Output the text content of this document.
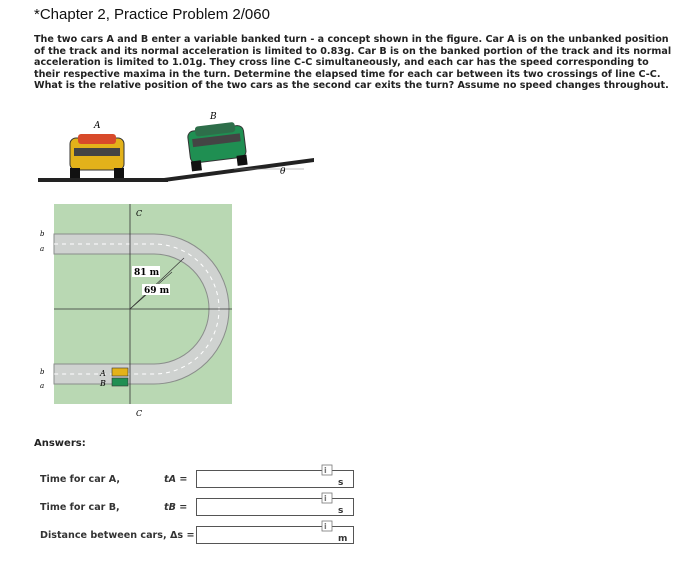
*Chapter 2, Practice Problem 2/060
The two cars A and B enter a variable banked turn - a concept shown in the figure. Car A is on the unbanked position of the track and its normal acceleration is limited to 0.83g. Car B is on the banked portion of the track and its normal acceleration is limited to 1.01g. They cross line C-C simultaneously, and each car has the speed corresponding to their respective maxima in the turn. Determine the elapsed time for each car between its two crossings of line C-C. What is the relative position of the two cars as the second car exits the turn? Assume no speed changes throughout.
A
B
θ
81 m
69 m
C
C
b
a
b
a
A
B
Answers:
Time for car A,	tA =
i
s
Time for car B,	tB =
i
s
Distance between cars, Δs =
i
m
